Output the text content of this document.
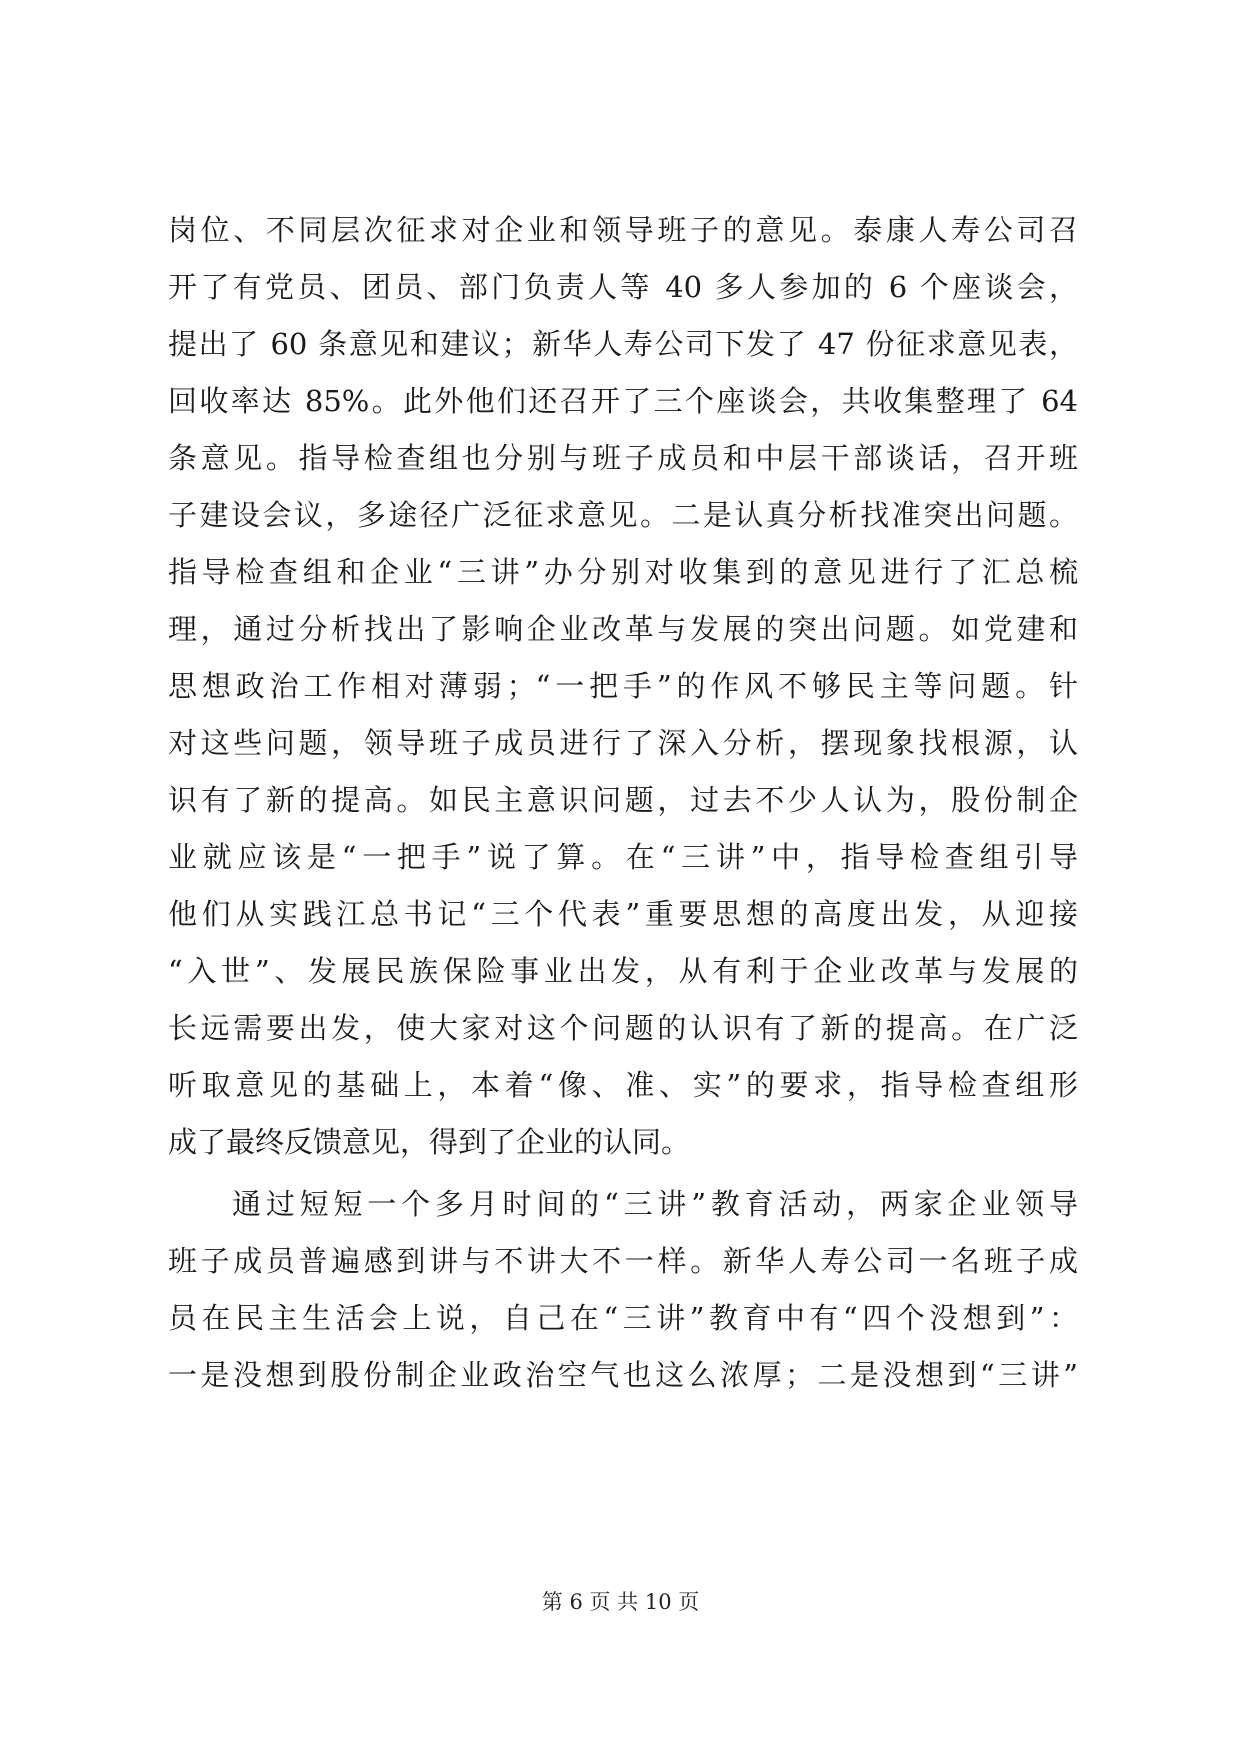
岗位、不同层次征求对企业和领导班子的意见。泰康人寿公司召
开了有党员、团员、部门负责人等 40 多人参加的 6 个座谈会，
提出了 60 条意见和建议；新华人寿公司下发了 47 份征求意见表，
回收率达 85%。此外他们还召开了三个座谈会，共收集整理了 64
条意见。指导检查组也分别与班子成员和中层干部谈话，召开班
子建设会议，多途径广泛征求意见。二是认真分析找准突出问题。
指导检查组和企业“三讲”办分别对收集到的意见进行了汇总梳
理，通过分析找出了影响企业改革与发展的突出问题。如党建和
思想政治工作相对薄弱；“一把手”的作风不够民主等问题。针
对这些问题，领导班子成员进行了深入分析，摆现象找根源，认
识有了新的提高。如民主意识问题，过去不少人认为，股份制企
业就应该是“一把手”说了算。在“三讲”中，指导检查组引导
他们从实践江总书记“三个代表”重要思想的高度出发，从迎接
“入世”、发展民族保险事业出发，从有利于企业改革与发展的
长远需要出发，使大家对这个问题的认识有了新的提高。在广泛
听取意见的基础上，本着“像、准、实”的要求，指导检查组形
成了最终反馈意见，得到了企业的认同。
通过短短一个多月时间的“三讲”教育活动，两家企业领导
班子成员普遍感到讲与不讲大不一样。新华人寿公司一名班子成
员在民主生活会上说，自己在“三讲”教育中有“四个没想到”：
一是没想到股份制企业政治空气也这么浓厚；二是没想到“三讲”
第 6 页 共 10 页
